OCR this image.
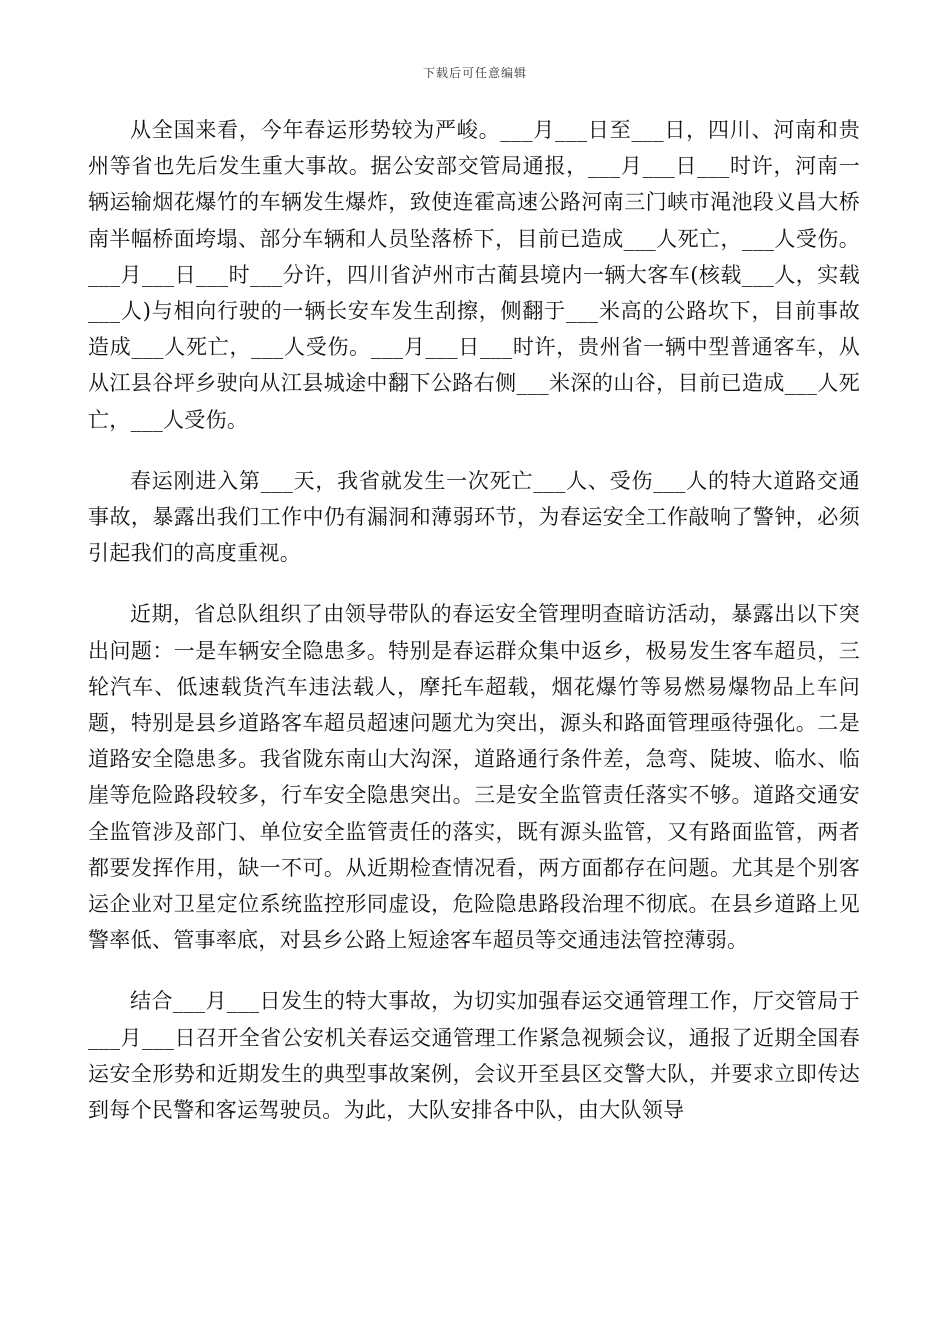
下载后可任意编辑

从全国来看，今年春运形势较为严峻。___月___日至___日，四川、河南和贵州等省也先后发生重大事故。据公安部交管局通报，___月___日___时许，河南一辆运输烟花爆竹的车辆发生爆炸，致使连霍高速公路河南三门峡市渑池段义昌大桥南半幅桥面垮塌、部分车辆和人员坠落桥下，目前已造成___人死亡，___人受伤。___月___日___时___分许，四川省泸州市古蔺县境内一辆大客车(核载___人，实载___人)与相向行驶的一辆长安车发生刮擦，侧翻于___米高的公路坎下，目前事故造成___人死亡，___人受伤。___月___日___时许，贵州省一辆中型普通客车，从从江县谷坪乡驶向从江县城途中翻下公路右侧___米深的山谷，目前已造成___人死亡，___人受伤。

春运刚进入第___天，我省就发生一次死亡___人、受伤___人的特大道路交通事故，暴露出我们工作中仍有漏洞和薄弱环节，为春运安全工作敲响了警钟，必须引起我们的高度重视。

近期，省总队组织了由领导带队的春运安全管理明查暗访活动，暴露出以下突出问题：一是车辆安全隐患多。特别是春运群众集中返乡，极易发生客车超员，三轮汽车、低速载货汽车违法载人，摩托车超载，烟花爆竹等易燃易爆物品上车问题，特别是县乡道路客车超员超速问题尤为突出，源头和路面管理亟待强化。二是道路安全隐患多。我省陇东南山大沟深，道路通行条件差，急弯、陡坡、临水、临崖等危险路段较多，行车安全隐患突出。三是安全监管责任落实不够。道路交通安全监管涉及部门、单位安全监管责任的落实，既有源头监管，又有路面监管，两者都要发挥作用，缺一不可。从近期检查情况看，两方面都存在问题。尤其是个别客运企业对卫星定位系统监控形同虚设，危险隐患路段治理不彻底。在县乡道路上见警率低、管事率底，对县乡公路上短途客车超员等交通违法管控薄弱。

结合___月___日发生的特大事故，为切实加强春运交通管理工作，厅交管局于___月___日召开全省公安机关春运交通管理工作紧急视频会议，通报了近期全国春运安全形势和近期发生的典型事故案例，会议开至县区交警大队，并要求立即传达到每个民警和客运驾驶员。为此，大队安排各中队，由大队领导
